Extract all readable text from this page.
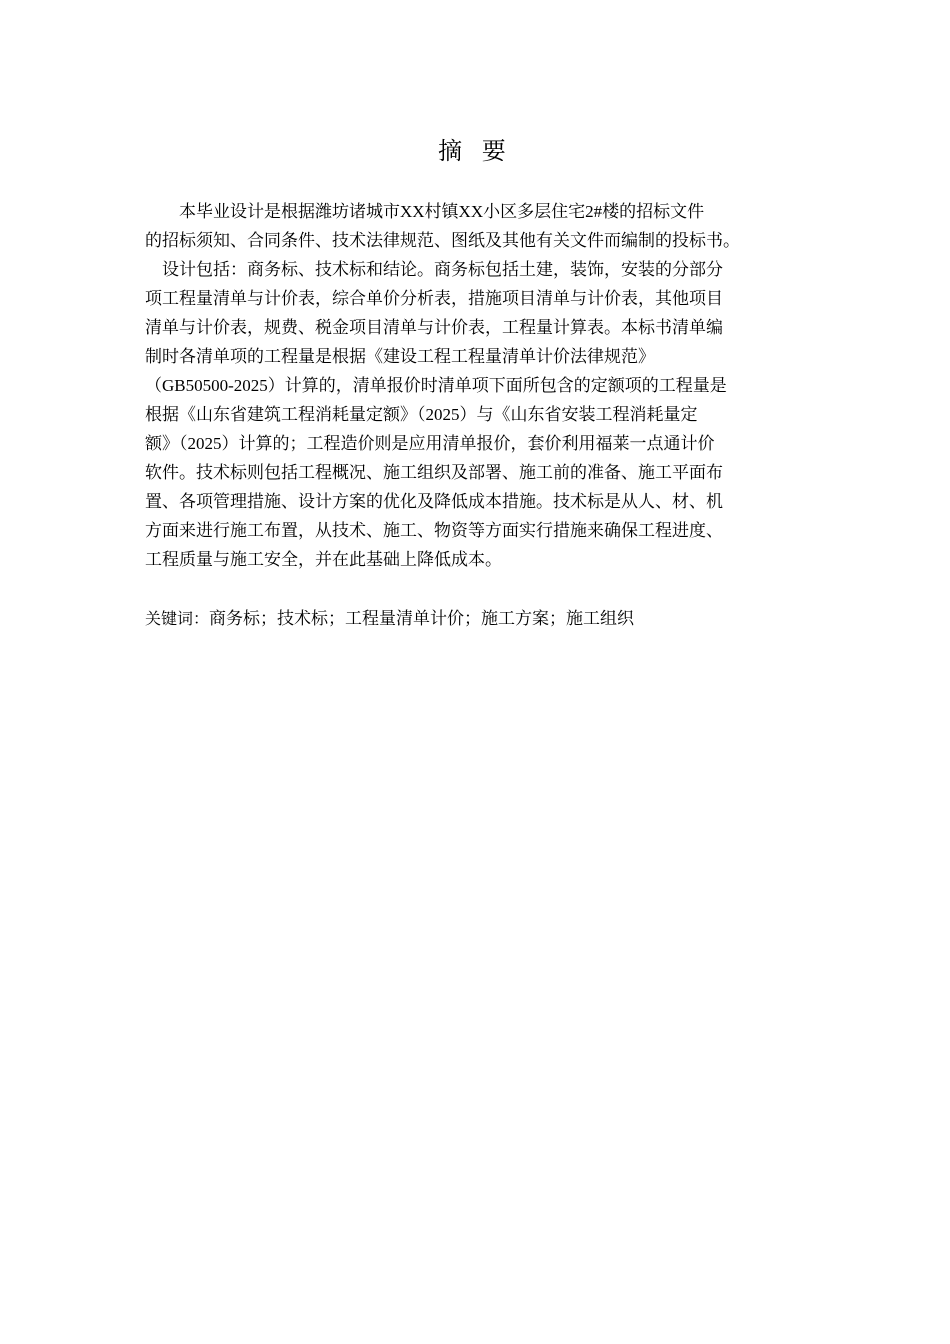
摘 要
　　本毕业设计是根据潍坊诸城市XX村镇XX小区多层住宅2#楼的招标文件
的招标须知、合同条件、技术法律规范、图纸及其他有关文件而编制的投标书。
　设计包括：商务标、技术标和结论。商务标包括土建，装饰，安装的分部分
项工程量清单与计价表，综合单价分析表，措施项目清单与计价表，其他项目
清单与计价表，规费、税金项目清单与计价表，工程量计算表。本标书清单编
制时各清单项的工程量是根据《建设工程工程量清单计价法律规范》
（GB50500-2025）计算的，清单报价时清单项下面所包含的定额项的工程量是
根据《山东省建筑工程消耗量定额》（2025）与《山东省安装工程消耗量定
额》（2025）计算的；工程造价则是应用清单报价，套价利用福莱一点通计价
软件。技术标则包括工程概况、施工组织及部署、施工前的准备、施工平面布
置、各项管理措施、设计方案的优化及降低成本措施。技术标是从人、材、机
方面来进行施工布置，从技术、施工、物资等方面实行措施来确保工程进度、
工程质量与施工安全，并在此基础上降低成本。
关键词：商务标；技术标；工程量清单计价；施工方案；施工组织
